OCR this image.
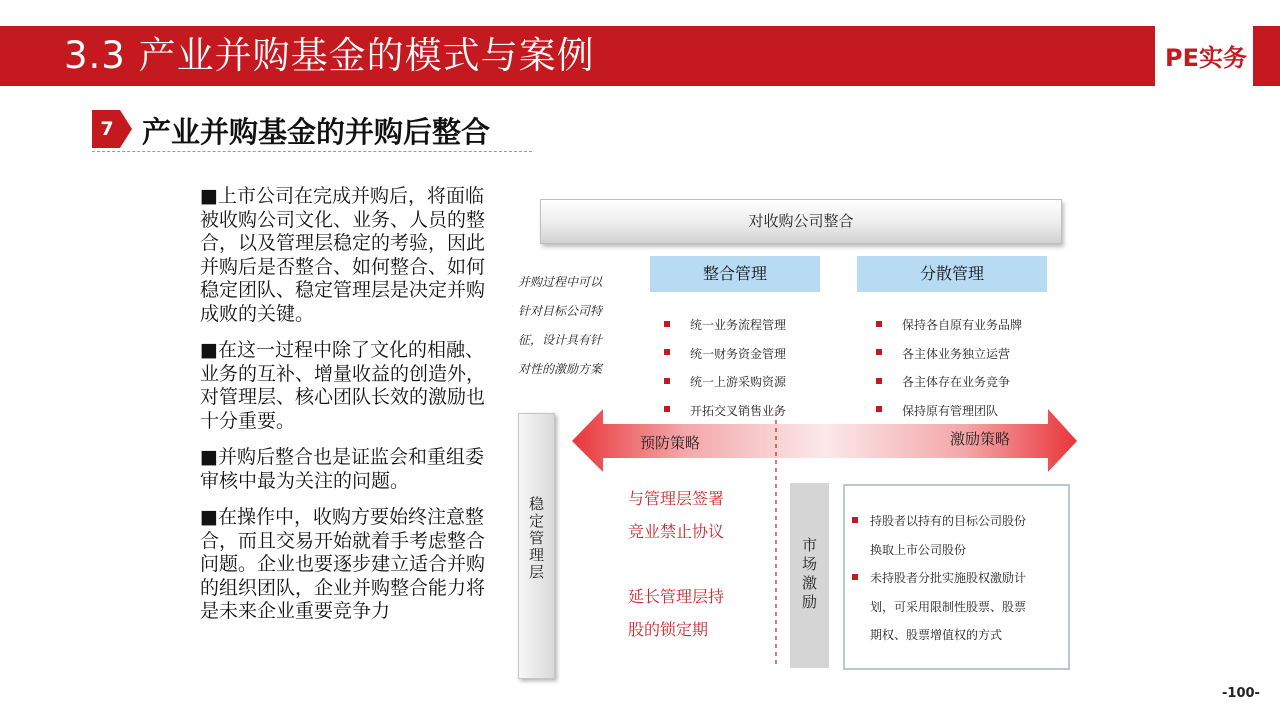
3.3 产业并购基金的模式与案例	PE实务
7 产业并购基金的并购后整合

■上市公司在完成并购后，将面临被收购公司文化、业务、人员的整合，以及管理层稳定的考验，因此并购后是否整合、如何整合、如何稳定团队、稳定管理层是决定并购成败的关键。

■在这一过程中除了文化的相融、业务的互补、增量收益的创造外，对管理层、核心团队长效的激励也十分重要。

■并购后整合也是证监会和重组委审核中最为关注的问题。

■在操作中，收购方要始终注意整合，而且交易开始就着手考虑整合问题。企业也要逐步建立适合并购的组织团队，企业并购整合能力将是未来企业重要竞争力

对收购公司整合
并购过程中可以
针对目标公司特
征，设计具有针
对性的激励方案
整合管理	分散管理
统一业务流程管理
统一财务资金管理
统一上游采购资源
开拓交叉销售业务
保持各自原有业务品牌
各主体业务独立运营
各主体存在业务竞争
保持原有管理团队
预防策略	激励策略
稳
定
管
理
层
与管理层签署
竞业禁止协议
延长管理层持
股的锁定期
市
场
激
励
持股者以持有的目标公司股份
换取上市公司股份
未持股者分批实施股权激励计
划，可采用限制性股票、股票
期权、股票增值权的方式
-100-
